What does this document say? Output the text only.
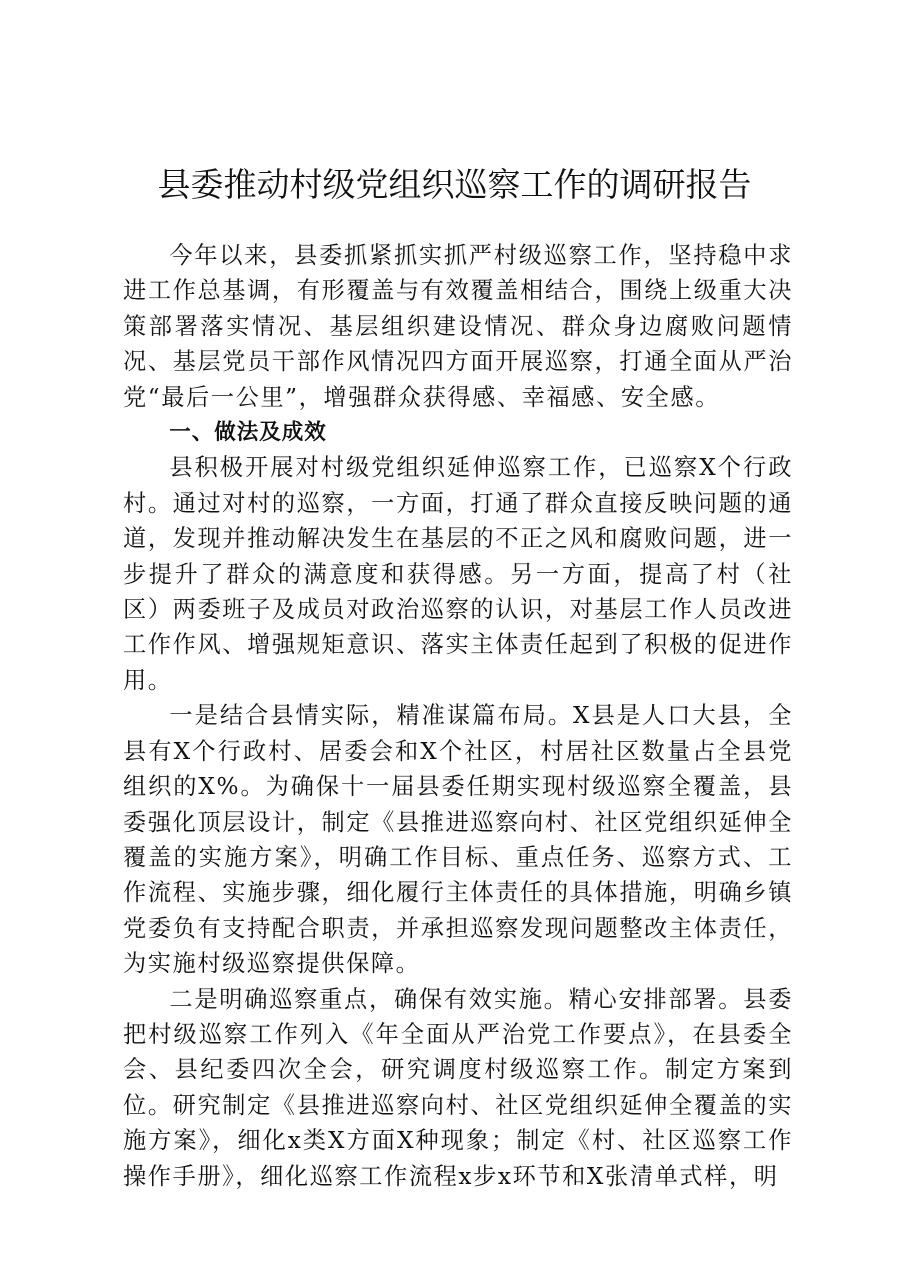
县委推动村级党组织巡察工作的调研报告

今年以来，县委抓紧抓实抓严村级巡察工作，坚持稳中求进工作总基调，有形覆盖与有效覆盖相结合，围绕上级重大决策部署落实情况、基层组织建设情况、群众身边腐败问题情况、基层党员干部作风情况四方面开展巡察，打通全面从严治党“最后一公里”，增强群众获得感、幸福感、安全感。

一、做法及成效

县积极开展对村级党组织延伸巡察工作，已巡察X个行政村。通过对村的巡察，一方面，打通了群众直接反映问题的通道，发现并推动解决发生在基层的不正之风和腐败问题，进一步提升了群众的满意度和获得感。另一方面，提高了村（社区）两委班子及成员对政治巡察的认识，对基层工作人员改进工作作风、增强规矩意识、落实主体责任起到了积极的促进作用。

一是结合县情实际，精准谋篇布局。X县是人口大县，全县有X个行政村、居委会和X个社区，村居社区数量占全县党组织的X%。为确保十一届县委任期实现村级巡察全覆盖，县委强化顶层设计，制定《县推进巡察向村、社区党组织延伸全覆盖的实施方案》，明确工作目标、重点任务、巡察方式、工作流程、实施步骤，细化履行主体责任的具体措施，明确乡镇党委负有支持配合职责，并承担巡察发现问题整改主体责任，为实施村级巡察提供保障。

二是明确巡察重点，确保有效实施。精心安排部署。县委把村级巡察工作列入《年全面从严治党工作要点》，在县委全会、县纪委四次全会，研究调度村级巡察工作。制定方案到位。研究制定《县推进巡察向村、社区党组织延伸全覆盖的实施方案》，细化x类X方面X种现象；制定《村、社区巡察工作操作手册》，细化巡察工作流程x步x环节和X张清单式样，明
